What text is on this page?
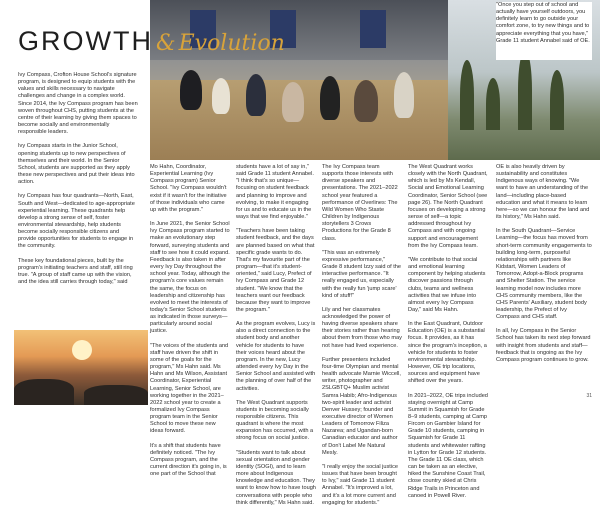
GROWTH & Evolution

Ivy Compass, Crofton House School's signature program, is designed to equip students with the values and skills necessary to navigate challenges and change in a complex world. Since 2014, the Ivy Compass program has been woven throughout CHS, putting students at the centre of their learning by giving them spaces to become socially and environmentally responsible leaders.

Ivy Compass starts in the Junior School, opening students up to new perspectives of themselves and their world. In the Senior School, students are supported as they apply these new perspectives and put their ideas into action.

Ivy Compass has four quadrants—North, East, South and West—dedicated to age-appropriate experiential learning. These quadrants help develop a strong sense of self, foster environmental stewardship, help students become socially responsible citizens and provide opportunities for students to engage in the community.

These key foundational pieces, built by the program's initiating teachers and staff, still ring true. "A group of staff came up with the vision, and the idea still carries through today," said

Mo Hahn, Coordinator, Experiential Learning (Ivy Compass program) Senior School. "Ivy Compass wouldn't exist if it wasn't for the initiative of those individuals who came up with the program."

In June 2021, the Senior School Ivy Compass program started to make an evolutionary step forward, surveying students and staff to see how it could expand. Feedback is also taken in after every Ivy Day throughout the school year. Today, although the program's core values remain the same, the focus on leadership and citizenship has evolved to meet the interests of today's Senior School students as indicated in those surveys—particularly around social justice.

"The voices of the students and staff have driven the shift in some of the goals for the program," Ms Hahn said. Ms Hahn and Ms Wilson, Assistant Coordinator, Experiential Learning, Senior School, are working together in the 2021–2022 school year to create a formalized Ivy Compass program team in the Senior School to move these new ideas forward.

It's a shift that students have definitely noticed. "The Ivy Compass program, and the current direction it's going in, is one part of the School that

students have a lot of say in," said Grade 11 student Annabel. "I think that's so unique—focusing on student feedback and planning to improve and evolving, to make it engaging for us and to educate us in the ways that we find enjoyable."

"Teachers have been taking student feedback, and the days are planned based on what that specific grade wants to do. That's my favourite part of the program—that it's student-oriented," said Lucy, Prefect of Ivy Compass and Grade 12 student. "We know that the teachers want our feedback because they want to improve the program."

As the program evolves, Lucy is also a direct connection to the student body and another vehicle for students to have their voices heard about the program. In the new, Lucy attended every Ivy Day in the Senior School and assisted with the planning of over half of the activities.

The West Quadrant supports students in becoming socially responsible citizens. This quadrant is where the most expansion has occurred, with a strong focus on social justice.

"Students want to talk about sexual orientation and gender identity (SOGI), and to learn more about Indigenous knowledge and education. They want to know how to have tough conversations with people who think differently," Ms Hahn said.

The Ivy Compass team supports those interests with diverse speakers and presentations. The 2021–2022 school year featured a performance of Overlines: The Wild Women Who Staste Children by Indigenous storytellers 3 Crows Productions for the Grade 8 class.

"This was an extremely expressive performance," Grade 8 student Izzy said of the interactive performance. "It really engaged us, especially with the really fun 'jump scare' kind of stuff!"

Lily and her classmates acknowledged the power of having diverse speakers share their stories rather than hearing about them from those who may not have had lived experience.

Further presenters included four-time Olympian and mental health advocate Marnie Wiccell, writer, photographer and 2SLGBTQ+ Muslim activist Samra Habib; Afro-Indigenous two-spirit leader and activist Denver Hussey; founder and executive director of Women Leaders of Tomorrow Filiza Nazarea; and Ugandan-born Canadian educator and author of Don't Label Me Natural Mesly.

"I really enjoy the social justice issues that have been brought to Ivy," said Grade 11 student Annabel. "It's improved a lot, and it's a lot more current and engaging for students."

The West Quadrant works closely with the North Quadrant, which is led by Ms Kendall, Social and Emotional Learning Coordinator, Senior School (see page 26). The North Quadrant focuses on developing a strong sense of self—a topic addressed throughout Ivy Compass and with ongoing support and encouragement from the Ivy Compass team.

"We contribute to that social and emotional learning component by helping students discover passions through clubs, teams and wellness activities that we infuse into almost every Ivy Compass Day," said Ms Hahn.

In the East Quadrant, Outdoor Education (OE) is a substantial focus. It provides, as it has since the program's inception, a vehicle for students to foster environmental stewardship. However, OE trip locations, sources and equipment have shifted over the years.

In 2021–2022, OE trips included staying overnight at Camp Summit in Squamish for Grade 8–9 students, camping at Camp Fircom on Gambier Island for Grade 10 students, camping in Squamish for Grade 11 students and whitewater rafting in Lytton for Grade 12 students. The Grade 11 OE class, which can be taken as an elective, hiked the Sunshine Coast Trail, close country skied at Chris Ridge Trails in Princeton and canoed in Powell River.

"Once you step out of school and actually have yourself outdoors, you definitely learn to go outside your comfort zone, to try new things and to appreciate everything that you have," Grade 11 student Annabel said of OE.

OE is also heavily driven by sustainability and constitutes Indigenous ways of knowing. "We want to have an understanding of the land—including place-based education and what it means to learn here—so we can honour the land and its history," Ms Hahn said.

In the South Quadrant—Service Learning—the focus has moved from short-term community engagements to building long-term, purposeful relationships with partners like Kidstart, Women Leaders of Tomorrow, Adopt-a-Block programs and Shelter Station. The service learning model now includes more CHS community members, like the CHS Parents' Auxiliary, student body leadership, the Prefect of Ivy Compass and CHS staff.

In all, Ivy Compass in the Senior School has taken its next step forward with insight from students and staff—feedback that is ongoing as the Ivy Compass program continues to grow.

31
